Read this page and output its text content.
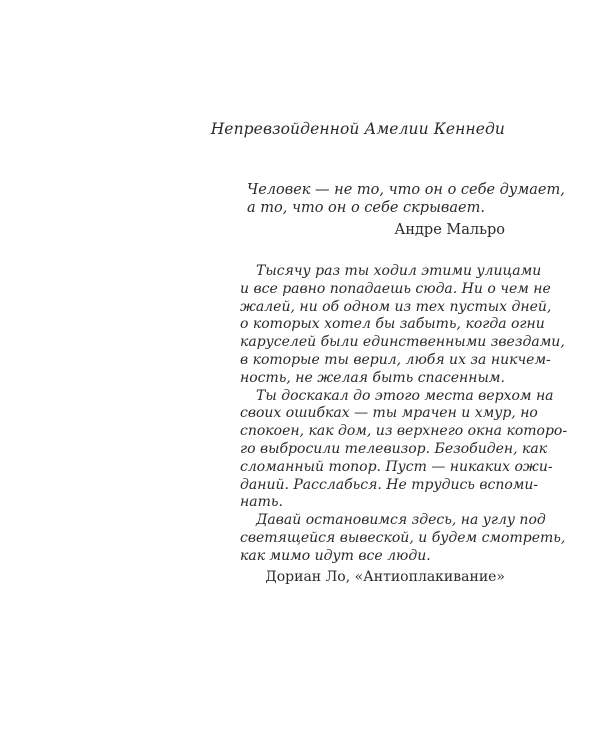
Непревзойденной Амелии Кеннеди
Человек — не то, что он о себе думает,
а то, что он о себе скрывает.
Андре Мальро
Тысячу раз ты ходил этими улицами
и все равно попадаешь сюда. Ни о чем не
жалей, ни об одном из тех пустых дней,
о которых хотел бы забыть, когда огни
каруселей были единственными звездами,
в которые ты верил, любя их за никчем-
ность, не желая быть спасенным.
Ты доскакал до этого места верхом на
своих ошибках — ты мрачен и хмур, но
спокоен, как дом, из верхнего окна которо-
го выбросили телевизор. Безобиден, как
сломанный топор. Пуст — никаких ожи-
даний. Расслабься. Не трудись вспоми-
нать.
Давай остановимся здесь, на углу под
светящейся вывеской, и будем смотреть,
как мимо идут все люди.
Дориан Ло, «Антиоплакивание»
